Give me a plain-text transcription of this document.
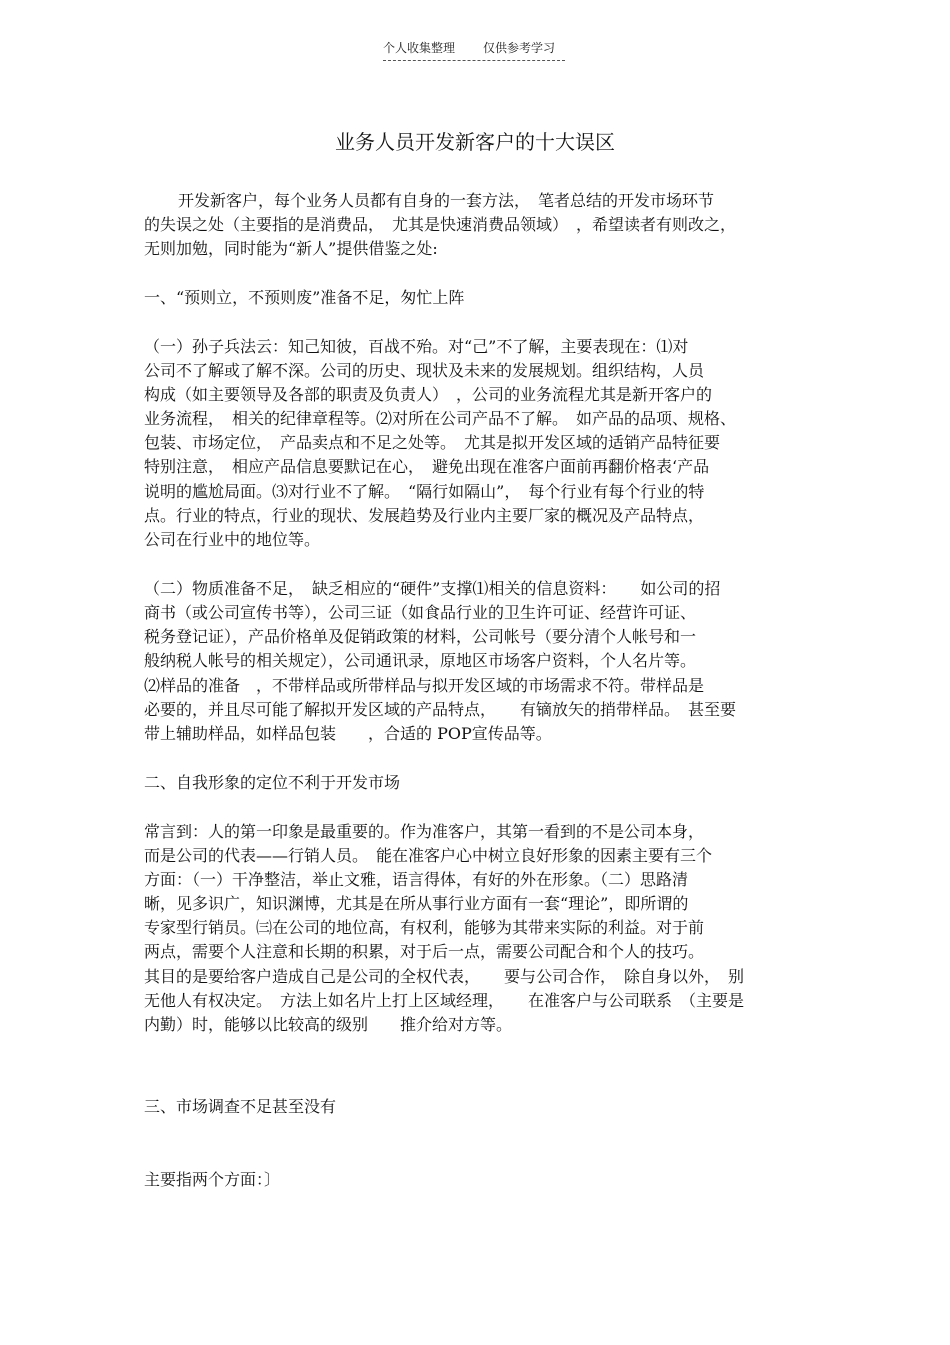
个人收集整理 仅供参考学习
业务人员开发新客户的十大误区
开发新客户，每个业务人员都有自身的一套方法，　笔者总结的开发市场环节
的失误之处（主要指的是消费品，　尤其是快速消费品领域）　，希望读者有则改之，
无则加勉，同时能为“新人”提供借鉴之处:
一、“预则立，不预则废”准备不足，匆忙上阵
（一）孙子兵法云：知己知彼，百战不殆。对“己”不了解，主要表现在：⑴对
公司不了解或了解不深。公司的历史、现状及未来的发展规划。组织结构，人员
构成（如主要领导及各部的职责及负责人）　，公司的业务流程尤其是新开客户的
业务流程，　相关的纪律章程等。⑵对所在公司产品不了解。　如产品的品项、规格、
包装、市场定位，　产品卖点和不足之处等。　尤其是拟开发区域的适销产品特征要
特别注意，　相应产品信息要默记在心，　避免出现在准客户面前再翻价格表‘产品
说明的尴尬局面。⑶对行业不了解。　“隔行如隔山”，　每个行业有每个行业的特
点。行业的特点，行业的现状、发展趋势及行业内主要厂家的概况及产品特点，
公司在行业中的地位等。
（二）物质准备不足，　缺乏相应的“硬件”支撑⑴相关的信息资料：　　如公司的招
商书（或公司宣传书等），公司三证（如食品行业的卫生许可证、经营许可证、
税务登记证），产品价格单及促销政策的材料，公司帐号（要分清个人帐号和一
般纳税人帐号的相关规定），公司通讯录，原地区市场客户资料，个人名片等。
⑵样品的准备　，不带样品或所带样品与拟开发区域的市场需求不符。带样品是
必要的，并且尽可能了解拟开发区域的产品特点，　　有镝放矢的捎带样品。　甚至要
带上辅助样品，如样品包装　　，合适的 POP宣传品等。
二、自我形象的定位不利于开发市场
常言到：人的第一印象是最重要的。作为准客户，其第一看到的不是公司本身，
而是公司的代表——行销人员。　能在准客户心中树立良好形象的因素主要有三个
方面：（一）干净整洁，举止文雅，语言得体，有好的外在形象。（二）思路清
晰，见多识广，知识渊博，尤其是在所从事行业方面有一套“理论”，即所谓的
专家型行销员。㈢在公司的地位高，有权利，能够为其带来实际的利益。对于前
两点，需要个人注意和长期的积累，对于后一点，需要公司配合和个人的技巧。
其目的是要给客户造成自己是公司的全权代表，　　要与公司合作，　除自身以外，　别
无他人有权决定。　方法上如名片上打上区域经理，　　在准客户与公司联系　（主要是
内勤）时，能够以比较高的级别　　推介给对方等。
三、市场调查不足甚至没有
主要指两个方面：〕
